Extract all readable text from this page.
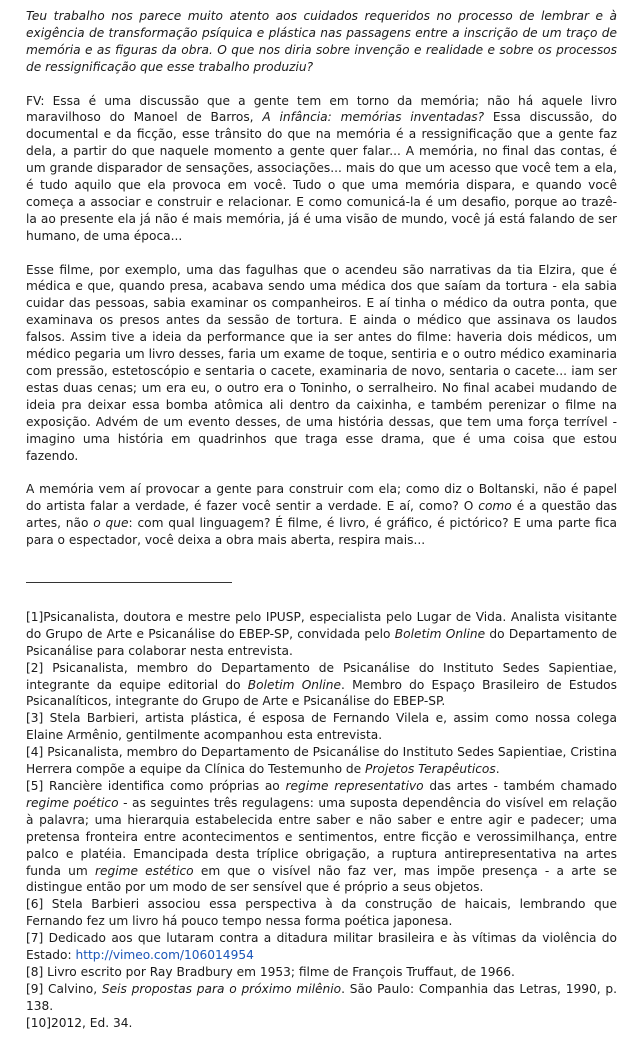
Teu trabalho nos parece muito atento aos cuidados requeridos no processo de lembrar e à exigência de transformação psíquica e plástica nas passagens entre a inscrição de um traço de memória e as figuras da obra. O que nos diria sobre invenção e realidade e sobre os processos de ressignificação que esse trabalho produziu?

FV: Essa é uma discussão que a gente tem em torno da memória; não há aquele livro maravilhoso do Manoel de Barros, A infância: memórias inventadas? Essa discussão, do documental e da ficção, esse trânsito do que na memória é a ressignificação que a gente faz dela, a partir do que naquele momento a gente quer falar... A memória, no final das contas, é um grande disparador de sensações, associações... mais do que um acesso que você tem a ela, é tudo aquilo que ela provoca em você. Tudo o que uma memória dispara, e quando você começa a associar e construir e relacionar. E como comunicá-la é um desafio, porque ao trazê-la ao presente ela já não é mais memória, já é uma visão de mundo, você já está falando de ser humano, de uma época...

Esse filme, por exemplo, uma das fagulhas que o acendeu são narrativas da tia Elzira, que é médica e que, quando presa, acabava sendo uma médica dos que saíam da tortura - ela sabia cuidar das pessoas, sabia examinar os companheiros. E aí tinha o médico da outra ponta, que examinava os presos antes da sessão de tortura. E ainda o médico que assinava os laudos falsos. Assim tive a ideia da performance que ia ser antes do filme: haveria dois médicos, um médico pegaria um livro desses, faria um exame de toque, sentiria e o outro médico examinaria com pressão, estetoscópio e sentaria o cacete, examinaria de novo, sentaria o cacete... iam ser estas duas cenas; um era eu, o outro era o Toninho, o serralheiro. No final acabei mudando de ideia pra deixar essa bomba atômica ali dentro da caixinha, e também perenizar o filme na exposição. Advém de um evento desses, de uma história dessas, que tem uma força terrível - imagino uma história em quadrinhos que traga esse drama, que é uma coisa que estou fazendo.

A memória vem aí provocar a gente para construir com ela; como diz o Boltanski, não é papel do artista falar a verdade, é fazer você sentir a verdade. E aí, como? O como é a questão das artes, não o que: com qual linguagem? É filme, é livro, é gráfico, é pictórico? E uma parte fica para o espectador, você deixa a obra mais aberta, respira mais...

[1]Psicanalista, doutora e mestre pelo IPUSP, especialista pelo Lugar de Vida. Analista visitante do Grupo de Arte e Psicanálise do EBEP-SP, convidada pelo Boletim Online do Departamento de Psicanálise para colaborar nesta entrevista.

[2] Psicanalista, membro do Departamento de Psicanálise do Instituto Sedes Sapientiae, integrante da equipe editorial do Boletim Online. Membro do Espaço Brasileiro de Estudos Psicanalíticos, integrante do Grupo de Arte e Psicanálise do EBEP-SP.

[3] Stela Barbieri, artista plástica, é esposa de Fernando Vilela e, assim como nossa colega Elaine Armênio, gentilmente acompanhou esta entrevista.

[4] Psicanalista, membro do Departamento de Psicanálise do Instituto Sedes Sapientiae, Cristina Herrera compõe a equipe da Clínica do Testemunho de Projetos Terapêuticos.

[5] Rancière identifica como próprias ao regime representativo das artes - também chamado regime poético - as seguintes três regulagens: uma suposta dependência do visível em relação à palavra; uma hierarquia estabelecida entre saber e não saber e entre agir e padecer; uma pretensa fronteira entre acontecimentos e sentimentos, entre ficção e verossimilhança, entre palco e platéia. Emancipada desta tríplice obrigação, a ruptura antirepresentativa na artes funda um regime estético em que o visível não faz ver, mas impõe presença - a arte se distingue então por um modo de ser sensível que é próprio a seus objetos.

[6] Stela Barbieri associou essa perspectiva à da construção de haicais, lembrando que Fernando fez um livro há pouco tempo nessa forma poética japonesa.

[7] Dedicado aos que lutaram contra a ditadura militar brasileira e às vítimas da violência do Estado: http://vimeo.com/106014954

[8] Livro escrito por Ray Bradbury em 1953; filme de François Truffaut, de 1966.

[9] Calvino, Seis propostas para o próximo milênio. São Paulo: Companhia das Letras, 1990, p. 138.

[10]2012, Ed. 34.
